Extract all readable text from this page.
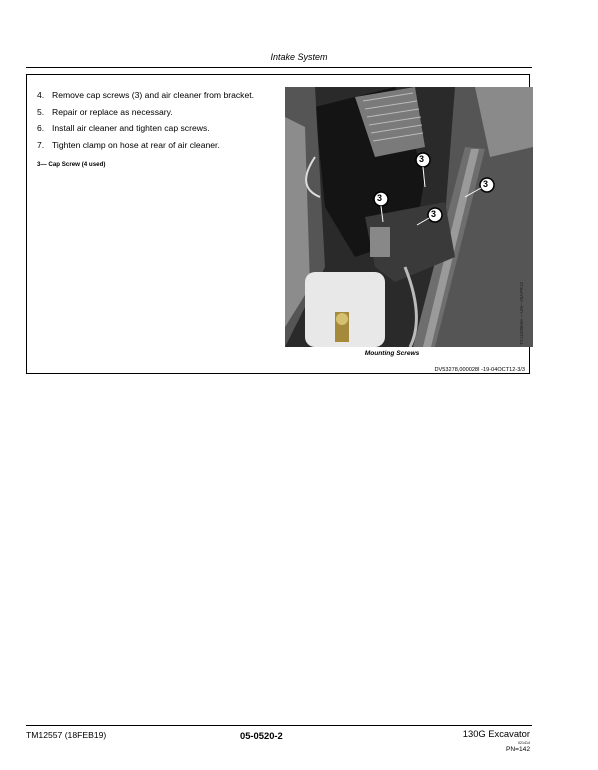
Intake System
4. Remove cap screws (3) and air cleaner from bracket.
5. Repair or replace as necessary.
6. Install air cleaner and tighten cap screws.
7. Tighten clamp on hose at rear of air cleaner.
3— Cap Screw (4 used)
3
3
3
3
TX1109959A —UN—25APR12
Mounting Screws
DV53278,000028I -19-04OCT12-3/3
TM12557 (18FEB19)	05-0520-2	130G Excavator
021414
PN=142
